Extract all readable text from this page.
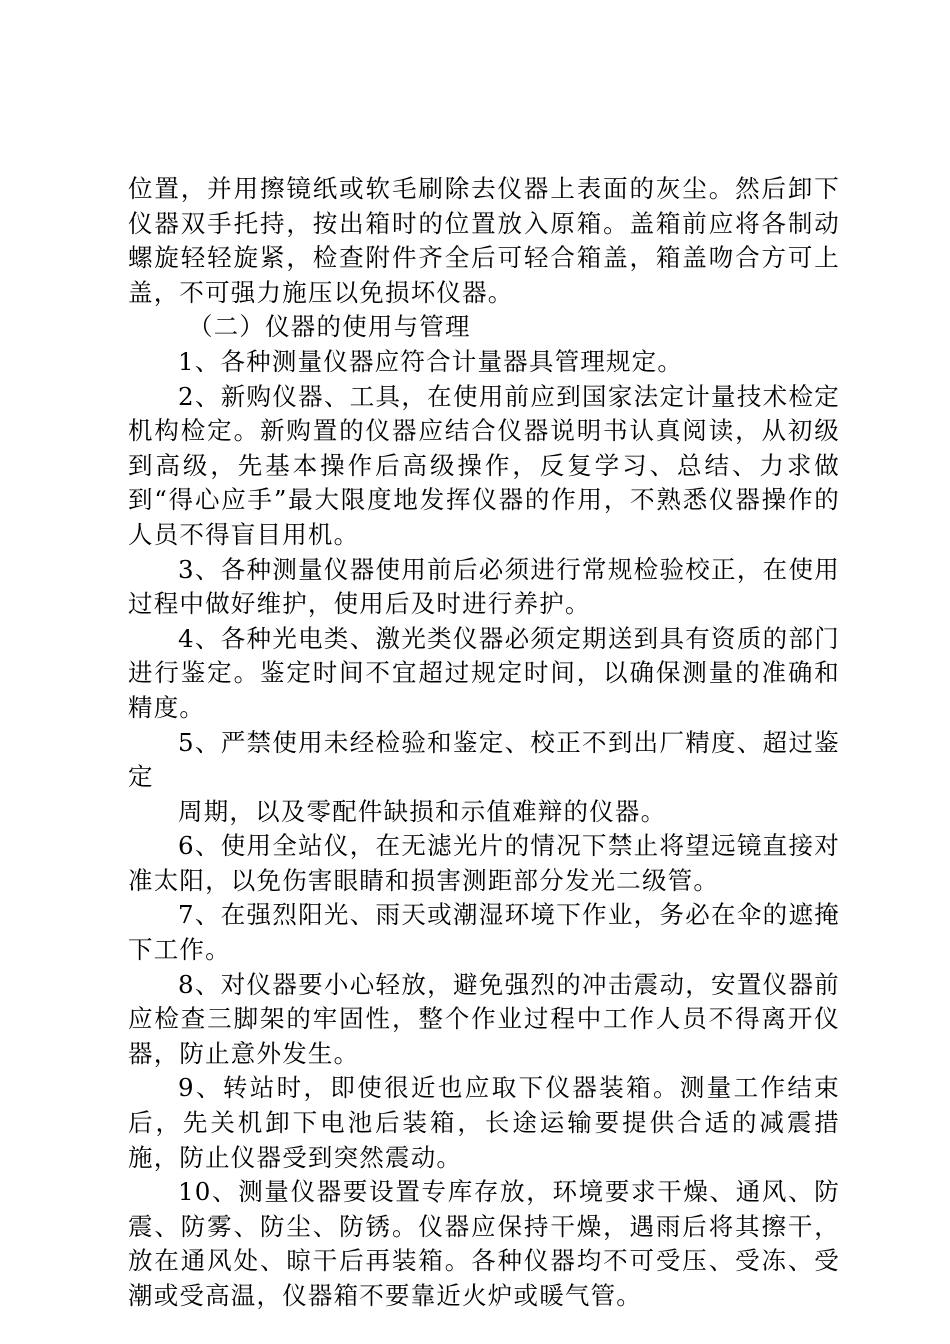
位置，并用擦镜纸或软毛刷除去仪器上表面的灰尘。然后卸下仪器双手托持，按出箱时的位置放入原箱。盖箱前应将各制动螺旋轻轻旋紧，检查附件齐全后可轻合箱盖，箱盖吻合方可上盖，不可强力施压以免损坏仪器。

（二）仪器的使用与管理

1、各种测量仪器应符合计量器具管理规定。

2、新购仪器、工具，在使用前应到国家法定计量技术检定机构检定。新购置的仪器应结合仪器说明书认真阅读，从初级到高级，先基本操作后高级操作，反复学习、总结、力求做到“得心应手”最大限度地发挥仪器的作用，不熟悉仪器操作的人员不得盲目用机。

3、各种测量仪器使用前后必须进行常规检验校正，在使用过程中做好维护，使用后及时进行养护。

4、各种光电类、激光类仪器必须定期送到具有资质的部门进行鉴定。鉴定时间不宜超过规定时间，以确保测量的准确和精度。

5、严禁使用未经检验和鉴定、校正不到出厂精度、超过鉴定

周期，以及零配件缺损和示值难辩的仪器。

6、使用全站仪，在无滤光片的情况下禁止将望远镜直接对准太阳，以免伤害眼睛和损害测距部分发光二级管。

7、在强烈阳光、雨天或潮湿环境下作业，务必在伞的遮掩下工作。

8、对仪器要小心轻放，避免强烈的冲击震动，安置仪器前应检查三脚架的牢固性，整个作业过程中工作人员不得离开仪器，防止意外发生。

9、转站时，即使很近也应取下仪器装箱。测量工作结束后，先关机卸下电池后装箱，长途运输要提供合适的减震措施，防止仪器受到突然震动。

10、测量仪器要设置专库存放，环境要求干燥、通风、防震、防雾、防尘、防锈。仪器应保持干燥，遇雨后将其擦干，放在通风处、晾干后再装箱。各种仪器均不可受压、受冻、受潮或受高温，仪器箱不要靠近火炉或暖气管。
